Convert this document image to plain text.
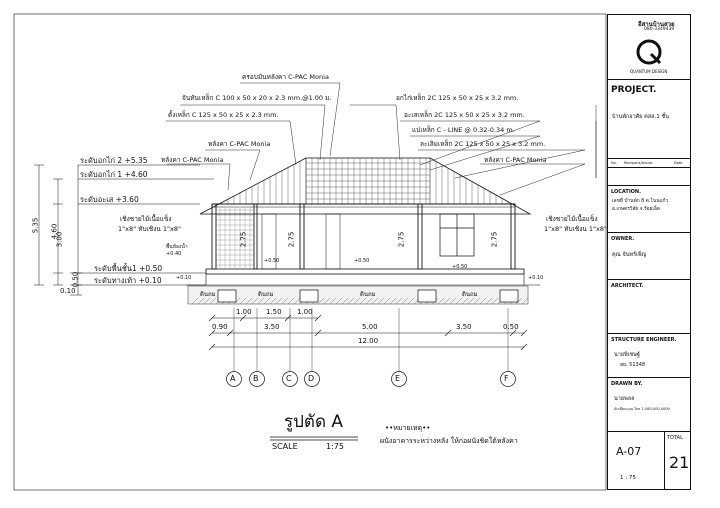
ครอบมันหลังคา C-PAC Monia
จันทันเหล็ก C 100 x 50 x 20 x 2.3 mm.@1.00 ม.
ตั้งเหล็ก C 125 x 50 x 25 x 2.3 mm.
หลังคา C-PAC Monia
หลังคา C-PAC Monia
อกไก่เหล็ก 2C 125 x 50 x 25 x 3.2 mm.
อะเสเหล็ก 2C 125 x 50 x 25 x 3.2 mm.
แปเหล็ก C - LINE @ 0.32-0.34 m.
ละเลิมเหล็ก 2C 125 x 50 x 25 x 3.2 mm.
หลังคา C-PAC Monia
เชิงชายไม้เนื้อแข็ง
1"x8" ทับเชิงน 1"x8"
เชิงชายไม้เนื้อแข็ง
1"x8" ทับเชิงน 1"x8"
ระดับอกไก่ 2 +5.35
ระดับอกไก่ 1 +4.60
ระดับอะเส +3.60
ระดับพื้นชั้น1 +0.50
ระดับทางเท้า +0.10
5.35 4.60
3.00
0.50
0.10
2.75	2.75	2.75	2.75
พื้นห้องน้ำ
+0.40
+0.50	+0.50
+0.50
+0.10	+0.10
ดินถม	ดินถม	ดินถม	ดินถม
1.00 1.50 1.00
0.90	3.50	5.00	3.50	0.50
12.00
A B	C D	E	F
รูปตัด A
SCALE	1:75
••หมายเหตุ••
ผนังอาคารระหว่างหลัง ให้ก่อผนังชิดใต้หลังคา
อีสานบ้านสวย
080-3349439
QUANTUM DESIGN
PROJECT.
บ้านพักอาศัย คสล.1 ชั้น
No. Revisions/Issues	Date
LOCATION.
เลขที่ บ้านพัก 8 ต.โนนแก้ว
อ.เกษตรวิสัย จ.ร้อยเอ็ด
OWNER.
คุณ จันทร์เพ็ญ
ARCHITECT.
STRUCTURE ENGINEER.
นายพิเชษฐ์
สย. 51348
DRAWN BY.
นายพลล
นักเขียนแบบ โทร 1-080-000-0000
A-07
1 : 75
TOTAL
21
